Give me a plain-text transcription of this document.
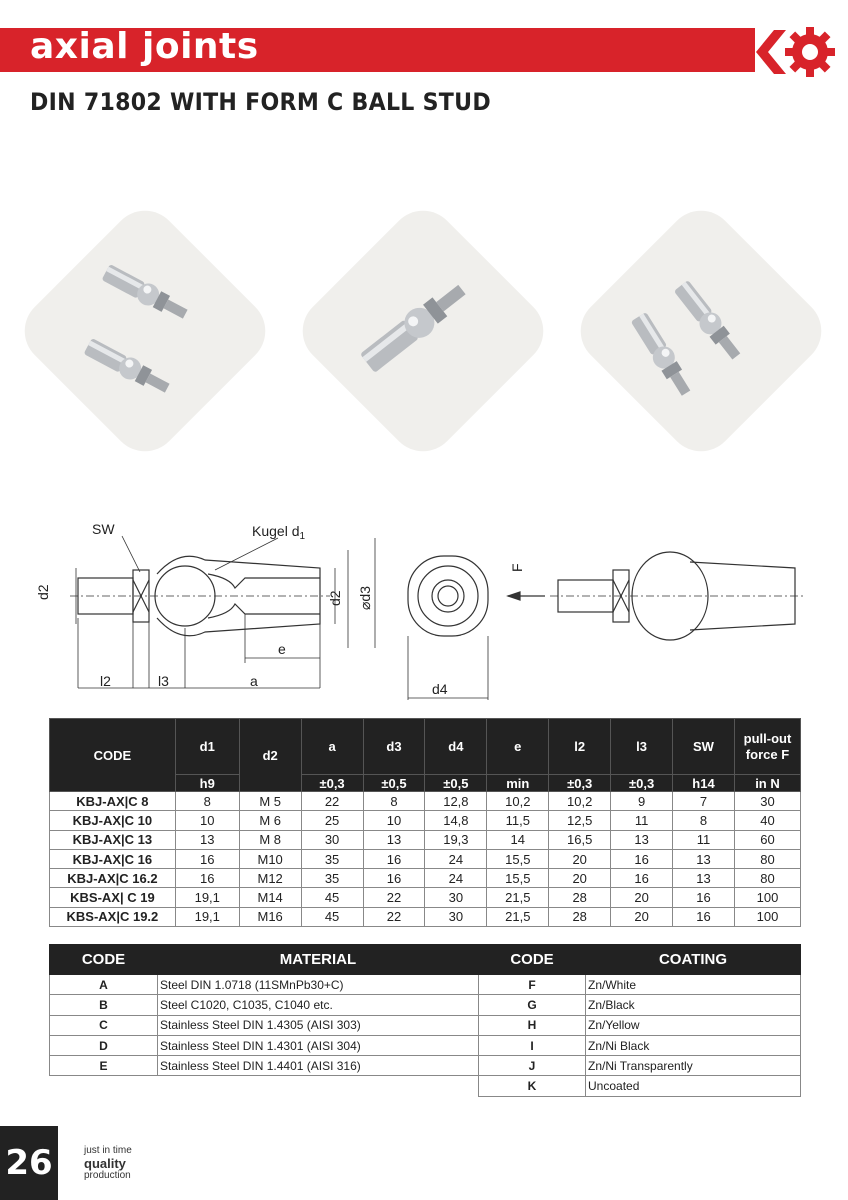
axial joints
DIN 71802 WITH FORM C BALL STUD
SW	Kugel $d_1$
d2	d2 ⌀d3
e
l2	l3	a	d4
F
CODE	d1	d2	a	d3	d4	e	l2	l3	SW	pull-out force F
	h9		±0,3	±0,5	±0,5	min	±0,3	±0,3	h14	in N
KBJ-AX|C 8	8	M 5	22	8	12,8	10,2	10,2	9	7	30
KBJ-AX|C 10	10	M 6	25	10	14,8	11,5	12,5	11	8	40
KBJ-AX|C 13	13	M 8	30	13	19,3	14	16,5	13	11	60
KBJ-AX|C 16	16	M10	35	16	24	15,5	20	16	13	80
KBJ-AX|C 16.2	16	M12	35	16	24	15,5	20	16	13	80
KBS-AX| C 19	19,1	M14	45	22	30	21,5	28	20	16	100
KBS-AX|C 19.2	19,1	M16	45	22	30	21,5	28	20	16	100
CODE	MATERIAL
A	Steel DIN 1.0718 (11SMnPb30+C)
B	Steel C1020, C1035, C1040 etc.
C	Stainless Steel DIN 1.4305 (AISI 303)
D	Stainless Steel DIN 1.4301 (AISI 304)
E	Stainless Steel DIN 1.4401 (AISI 316)
CODE	COATING
F	Zn/White
G	Zn/Black
H	Zn/Yellow
I	Zn/Ni Black
J	Zn/Ni Transparently
K	Uncoated
26	just in time
quality
production
